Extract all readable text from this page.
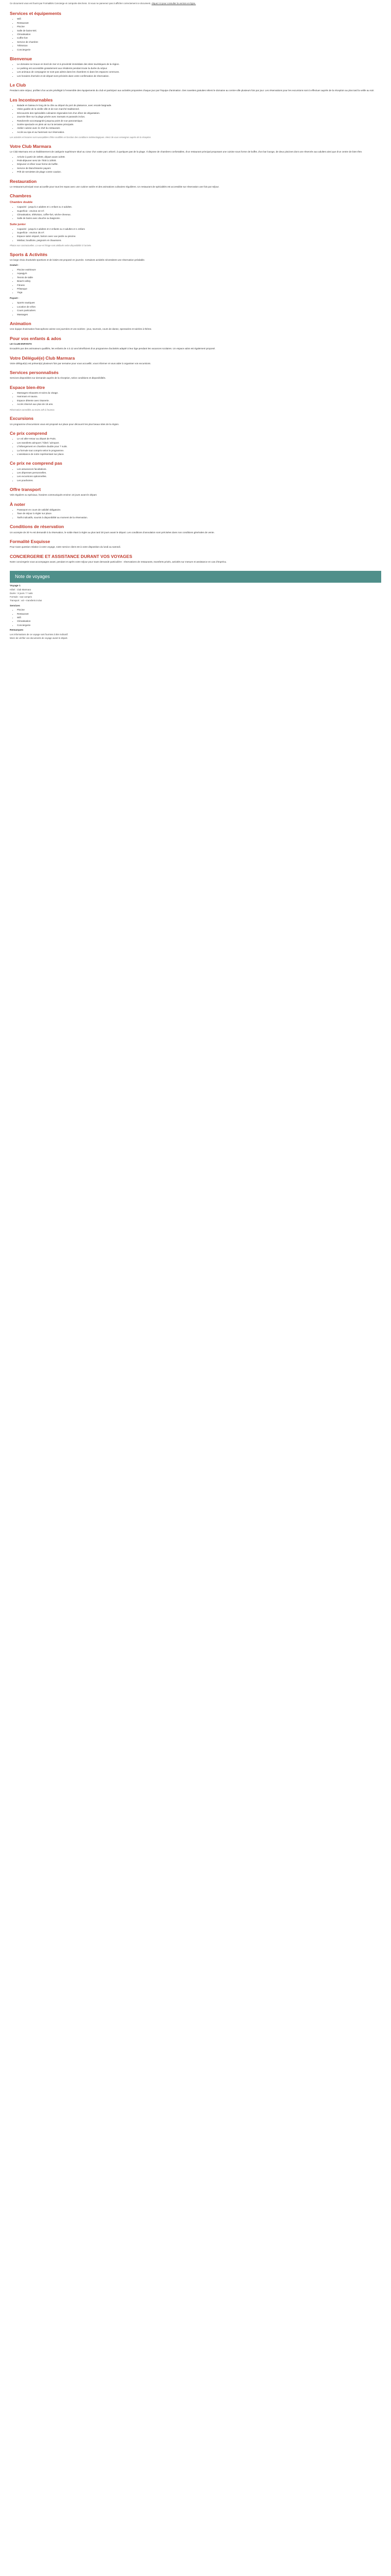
Ce document vous est fourni par Formalités Concierge et comporte des liens. Si vous ne parvenez pas à afficher correctement ce document, cliquez ici pour consulter la version en ligne.
Services et équipements
• Wifi
• Restaurant
• Piscine
• Salle de bains-WC
• Climatisation
• Coffre-fort
• Service de chambre
• Télévision
• Conciergerie
Bienvenue
• Le domaine se trouve en bord de mer et à proximité immédiate des sites touristiques de la région.
• Le parking est accessible gratuitement aux résidents pendant toute la durée du séjour.
• Les animaux de compagnie ne sont pas admis dans les chambres ni dans les espaces communs.
• Les horaires d'arrivée et de départ sont précisés dans votre confirmation de réservation.
Le Club

Pendant votre séjour, profitez d'un accès privilégié à l'ensemble des équipements du club et participez aux activités proposées chaque jour par l'équipe d'animation. Des navettes gratuites relient le domaine au centre-ville plusieurs fois par jour. Les réservations pour les excursions sont à effectuer auprès de la réception au plus tard la veille au soir.

Les Incontournables
• Balade en bateau le long de la côte au départ du port de plaisance, avec escale baignade.
• Visite guidée de la vieille ville et de son marché traditionnel.
• Découverte des spécialités culinaires régionales lors d'un dîner de dégustation.
• Journée libre sur la plage privée avec transats et parasols inclus.
• Randonnée accompagnée jusqu'au point de vue panoramique.
• Soirée spectacle en plein air sur la terrasse principale.
• Atelier cuisine avec le chef du restaurant.
• Accès au spa et au hammam sur réservation.

Les activités et horaires sont susceptibles d'être modifiés en fonction des conditions météorologiques. Merci de vous renseigner auprès de la réception.

Votre Club Marmara

Le Club Marmara est un établissement de catégorie supérieure situé au cœur d'un vaste parc arboré, à quelques pas de la plage. Il dispose de chambres confortables, d'un restaurant principal proposant une cuisine sous forme de buffet, d'un bar lounge, de deux piscines dont une réservée aux adultes ainsi que d'un centre de bien-être.

• Arrivée à partir de 15h00, départ avant 11h00.
• Petit-déjeuner servi de 7h00 à 10h00.
• Déjeuner et dîner sous forme de buffet.
• Service de blanchisserie payant.
• Prêt de serviettes de plage contre caution.
Restauration

Le restaurant principal vous accueille pour tous les repas avec une cuisine variée et des animations culinaires régulières. Un restaurant de spécialités est accessible sur réservation une fois par séjour.

Chambres
Chambre double
• Capacité : jusqu'à 2 adultes et 1 enfant ou 3 adultes.
• Superficie : environ 22 m².
• Climatisation, télévision, coffre-fort, sèche-cheveux.
• Salle de bains avec douche ou baignoire.
Suite junior
• Capacité : jusqu'à 2 adultes et 2 enfants ou 3 adultes et 1 enfant.
• Superficie : environ 35 m².
• Espace salon séparé, balcon avec vue jardin ou piscine.
• Minibar, bouilloire, peignoirs et chaussons.

Photos non contractuelles. La vue et l'étage sont attribués selon disponibilité à l'arrivée.

Sports & Activités

Un large choix d'activités sportives et de loisirs est proposé en journée. Certaines activités nécessitent une réservation préalable.

Gratuit :

• Piscine extérieure
• Aquagym
• Tennis de table
• Beach-volley
• Fitness
• Pétanque
• Yoga

Payant :

• Sports nautiques
• Location de vélos
• Cours particuliers
• Massages
Animation

Une équipe d'animation francophone anime vos journées et vos soirées : jeux, tournois, cours de danse, spectacles et soirées à thème.

Pour vos enfants & ados

LE CLUB ENFANTS

Encadrés par des animateurs qualifiés, les enfants de 4 à 12 ans bénéficient d'un programme d'activités adapté à leur âge pendant les vacances scolaires. Un espace ados est également proposé.

Votre Délégué(e) Club Marmara

Votre délégué(e) est présent(e) plusieurs fois par semaine pour vous accueillir, vous informer et vous aider à organiser vos excursions.

Services personnalisés

Services disponibles sur demande auprès de la réception, selon conditions et disponibilités.

Espace bien-être
• Massages relaxants et soins du visage.
• Hammam et sauna.
• Espace détente avec tisanerie.
• Accès réservé aux plus de 16 ans.

Réservation conseillée au moins 24h à l'avance.

Excursions

Un programme d'excursions vous est proposé sur place pour découvrir les plus beaux sites de la région.

Ce prix comprend
• Le vol aller-retour au départ de Paris.
• Les transferts aéroport / hôtel / aéroport.
• L'hébergement en chambre double pour 7 nuits.
• La formule tout compris selon le programme.
• L'assistance de notre représentant sur place.
Ce prix ne comprend pas
• Les assurances facultatives.
• Les dépenses personnelles.
• Les excursions optionnelles.
• Les pourboires.
Offre transport

Vols réguliers ou spéciaux, horaires communiqués environ 10 jours avant le départ.

À noter
• Passeport en cours de validité obligatoire.
• Taxe de séjour à régler sur place.
• Tarifs indicatifs, soumis à disponibilité au moment de la réservation.
Conditions de réservation

Un acompte de 30 % est demandé à la réservation, le solde étant à régler au plus tard 30 jours avant le départ. Les conditions d'annulation sont précisées dans nos conditions générales de vente.

Formalité Esquisse

Pour toute question relative à votre voyage, notre service client est à votre disposition du lundi au samedi.

CONCIERGERIE ET ASSISTANCE DURANT VOS VOYAGES

Notre conciergerie vous accompagne avant, pendant et après votre séjour pour toute demande particulière : réservations de restaurants, transferts privés, activités sur mesure et assistance en cas d'imprévu.

Note de voyages

Voyage 1

Hôtel : Club Marmara

Durée : 8 jours / 7 nuits

Formule : tout compris

Transport : vol + transferts inclus

Services

• Piscine
• Restaurant
• Wifi
• Climatisation
• Conciergerie

Remarques

Les informations de ce voyage sont fournies à titre indicatif.

Merci de vérifier vos documents de voyage avant le départ.
